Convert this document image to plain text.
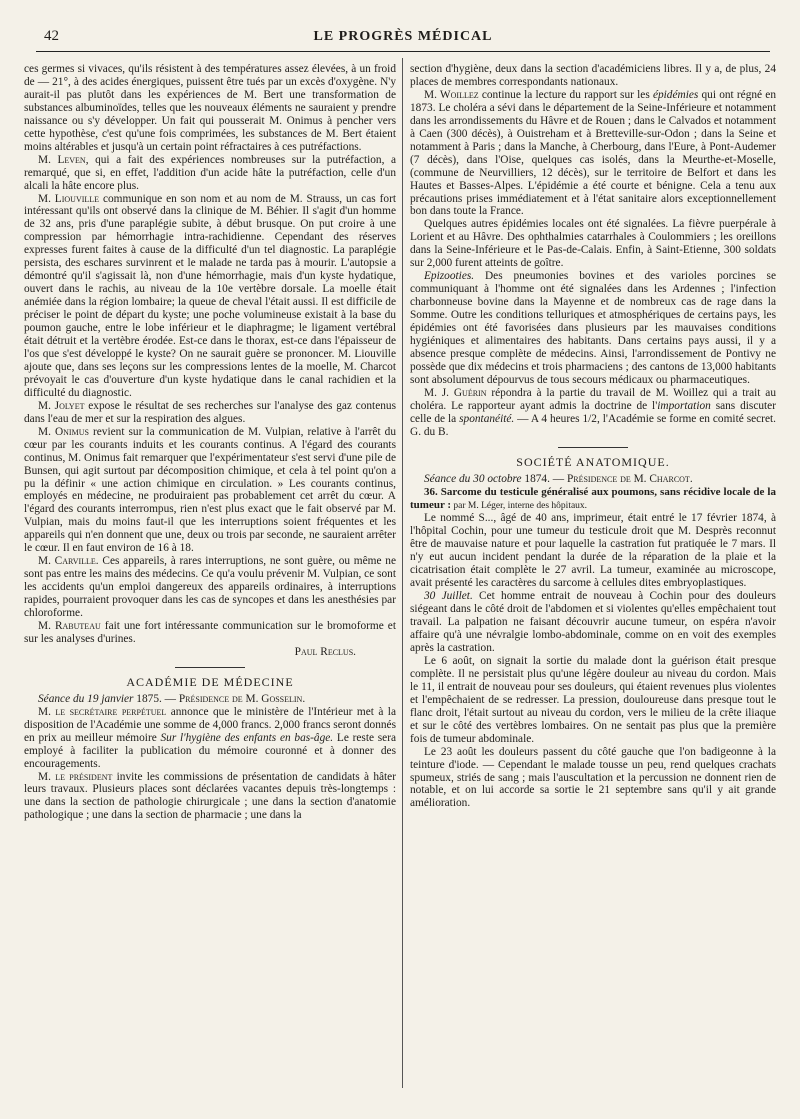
42	LE PROGRÈS MÉDICAL

ces germes si vivaces, qu'ils résistent à des températures assez élevées, à un froid de — 21°, à des acides énergiques, puissent être tués par un excès d'oxygène. N'y aurait-il pas plutôt dans les expériences de M. Bert une transformation de substances albuminoïdes, telles que les nouveaux éléments ne sauraient y prendre naissance ou s'y développer. Un fait qui pousserait M. Onimus à pencher vers cette hypothèse, c'est qu'une fois comprimées, les substances de M. Bert étaient moins altérables et jusqu'à un certain point réfractaires à ces putréfactions.

M. Leven, qui a fait des expériences nombreuses sur la putréfaction, a remarqué, que si, en effet, l'addition d'un acide hâte la putréfaction, celle d'un alcali la hâte encore plus.

M. Liouville communique en son nom et au nom de M. Strauss, un cas fort intéressant qu'ils ont observé dans la clinique de M. Béhier. Il s'agit d'un homme de 32 ans, pris d'une paraplégie subite, à début brusque. On put croire à une compression par hémorrhagie intra-rachidienne. Cependant des réserves expresses furent faites à cause de la difficulté d'un tel diagnostic. La paraplégie persista, des eschares survinrent et le malade ne tarda pas à mourir. L'autopsie a démontré qu'il s'agissait là, non d'une hémorrhagie, mais d'un kyste hydatique, ouvert dans le rachis, au niveau de la 10e vertèbre dorsale. La moelle était anémiée dans la région lombaire; la queue de cheval l'était aussi. Il est difficile de préciser le point de départ du kyste; une poche volumineuse existait à la base du poumon gauche, entre le lobe inférieur et le diaphragme; le ligament vertébral était détruit et la vertèbre érodée. Est-ce dans le thorax, est-ce dans l'épaisseur de l'os que s'est développé le kyste? On ne saurait guère se prononcer. M. Liouville ajoute que, dans ses leçons sur les compressions lentes de la moelle, M. Charcot prévoyait le cas d'ouverture d'un kyste hydatique dans le canal rachidien et la difficulté du diagnostic.

M. Jolyet expose le résultat de ses recherches sur l'analyse des gaz contenus dans l'eau de mer et sur la respiration des algues.

M. Onimus revient sur la communication de M. Vulpian, relative à l'arrêt du cœur par les courants induits et les courants continus. A l'égard des courants continus, M. Onimus fait remarquer que l'expérimentateur s'est servi d'une pile de Bunsen, qui agit surtout par décomposition chimique, et cela à tel point qu'on a pu la définir « une action chimique en circulation. » Les courants continus, employés en médecine, ne produiraient pas probablement cet arrêt du cœur. A l'égard des courants interrompus, rien n'est plus exact que le fait observé par M. Vulpian, mais du moins faut-il que les interruptions soient fréquentes et les appareils qui n'en donnent que une, deux ou trois par seconde, ne sauraient arrêter le cœur. Il en faut environ de 16 à 18.

M. Carville. Ces appareils, à rares interruptions, ne sont guère, ou même ne sont pas entre les mains des médecins. Ce qu'a voulu prévenir M. Vulpian, ce sont les accidents qu'un emploi dangereux des appareils ordinaires, à interruptions rapides, pourraient provoquer dans les cas de syncopes et dans les anesthésies par chloroforme.

M. Rabuteau fait une fort intéressante communication sur le bromoforme et sur les analyses d'urines.

Paul Reclus.

ACADÉMIE DE MÉDECINE

Séance du 19 janvier 1875. — Présidence de M. Gosselin.

M. le secrétaire perpétuel annonce que le ministère de l'Intérieur met à la disposition de l'Académie une somme de 4,000 francs. 2,000 francs seront donnés en prix au meilleur mémoire Sur l'hygiène des enfants en bas-âge. Le reste sera employé à faciliter la publication du mémoire couronné et à donner des encouragements.

M. le président invite les commissions de présentation de candidats à hâter leurs travaux. Plusieurs places sont déclarées vacantes depuis très-longtemps : une dans la section de pathologie chirurgicale ; une dans la section d'anatomie pathologique ; une dans la section de pharmacie ; une dans la

section d'hygiène, deux dans la section d'académiciens libres. Il y a, de plus, 24 places de membres correspondants nationaux.

M. Woillez continue la lecture du rapport sur les épidémies qui ont régné en 1873. Le choléra a sévi dans le département de la Seine-Inférieure et notamment dans les arrondissements du Hâvre et de Rouen ; dans le Calvados et notamment à Caen (300 décès), à Ouistreham et à Bretteville-sur-Odon ; dans la Seine et notamment à Paris ; dans la Manche, à Cherbourg, dans l'Eure, à Pont-Audemer (7 décès), dans l'Oise, quelques cas isolés, dans la Meurthe-et-Moselle, (commune de Neurvilliers, 12 décès), sur le territoire de Belfort et dans les Hautes et Basses-Alpes. L'épidémie a été courte et bénigne. Cela a tenu aux précautions prises immédiatement et à l'état sanitaire alors exceptionnellement bon dans toute la France.

Quelques autres épidémies locales ont été signalées. La fièvre puerpérale à Lorient et au Hâvre. Des ophthalmies catarrhales à Coulommiers ; les oreillons dans la Seine-Inférieure et le Pas-de-Calais. Enfin, à Saint-Etienne, 300 soldats sur 2,000 furent atteints de goître.

Epizooties. Des pneumonies bovines et des varioles porcines se communiquant à l'homme ont été signalées dans les Ardennes ; l'infection charbonneuse bovine dans la Mayenne et de nombreux cas de rage dans la Somme. Outre les conditions telluriques et atmosphériques de certains pays, les épidémies ont été favorisées dans plusieurs par les mauvaises conditions hygiéniques et alimentaires des habitants. Dans certains pays aussi, il y a absence presque complète de médecins. Ainsi, l'arrondissement de Pontivy ne possède que dix médecins et trois pharmaciens ; des cantons de 13,000 habitants sont absolument dépourvus de tous secours médicaux ou pharmaceutiques.

M. J. Guérin répondra à la partie du travail de M. Woillez qui a trait au choléra. Le rapporteur ayant admis la doctrine de l'importation sans discuter celle de la spontanéité. — A 4 heures 1/2, l'Académie se forme en comité secret. G. du B.

SOCIÉTÉ ANATOMIQUE.

Séance du 30 octobre 1874. — Présidence de M. Charcot.

36. Sarcome du testicule généralisé aux poumons, sans récidive locale de la tumeur : par M. Léger, interne des hôpitaux.

Le nommé S..., âgé de 40 ans, imprimeur, était entré le 17 février 1874, à l'hôpital Cochin, pour une tumeur du testicule droit que M. Desprès reconnut être de mauvaise nature et pour laquelle la castration fut pratiquée le 7 mars. Il n'y eut aucun incident pendant la durée de la réparation de la plaie et la cicatrisation était complète le 27 avril. La tumeur, examinée au microscope, avait présenté les caractères du sarcome à cellules dites embryoplastiques.

30 Juillet. Cet homme entrait de nouveau à Cochin pour des douleurs siégeant dans le côté droit de l'abdomen et si violentes qu'elles empêchaient tout travail. La palpation ne faisant découvrir aucune tumeur, on espéra n'avoir affaire qu'à une névralgie lombo-abdominale, comme on en voit des exemples après la castration.

Le 6 août, on signait la sortie du malade dont la guérison était presque complète. Il ne persistait plus qu'une légère douleur au niveau du cordon. Mais le 11, il entrait de nouveau pour ses douleurs, qui étaient revenues plus violentes et l'empêchaient de se redresser. La pression, douloureuse dans presque tout le flanc droit, l'était surtout au niveau du cordon, vers le milieu de la crête iliaque et sur le côté des vertèbres lombaires. On ne sentait pas plus que la première fois de tumeur abdominale.

Le 23 août les douleurs passent du côté gauche que l'on badigeonne à la teinture d'iode. — Cependant le malade tousse un peu, rend quelques crachats spumeux, striés de sang ; mais l'auscultation et la percussion ne donnent rien de notable, et on lui accorde sa sortie le 21 septembre sans qu'il y ait grande amélioration.
